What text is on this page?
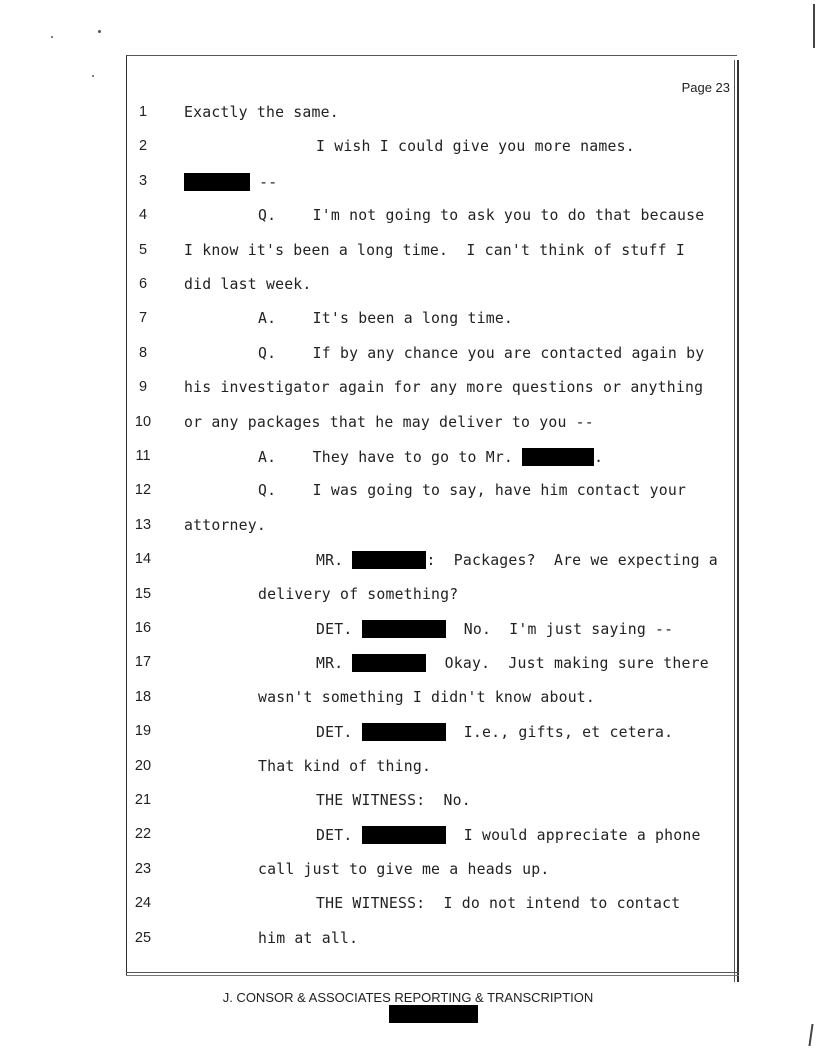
Page 23
1	Exactly the same.
2	I wish I could give you more names.
3	--
4	Q.    I'm not going to ask you to do that because
5	I know it's been a long time.  I can't think of stuff I
6	did last week.
7	A.    It's been a long time.
8	Q.    If by any chance you are contacted again by
9	his investigator again for any more questions or anything
10	or any packages that he may deliver to you --
11	A.    They have to go to Mr.	.
12	Q.    I was going to say, have him contact your
13	attorney.
14	MR.	:  Packages?  Are we expecting a
15	delivery of something?
16	DET.	No.  I'm just saying --
17	MR.	Okay.  Just making sure there
18	wasn't something I didn't know about.
19	DET.	I.e., gifts, et cetera.
20	That kind of thing.
21	THE WITNESS:  No.
22	DET.	I would appreciate a phone
23	call just to give me a heads up.
24	THE WITNESS:  I do not intend to contact
25	him at all.
J. CONSOR & ASSOCIATES REPORTING & TRANSCRIPTION
